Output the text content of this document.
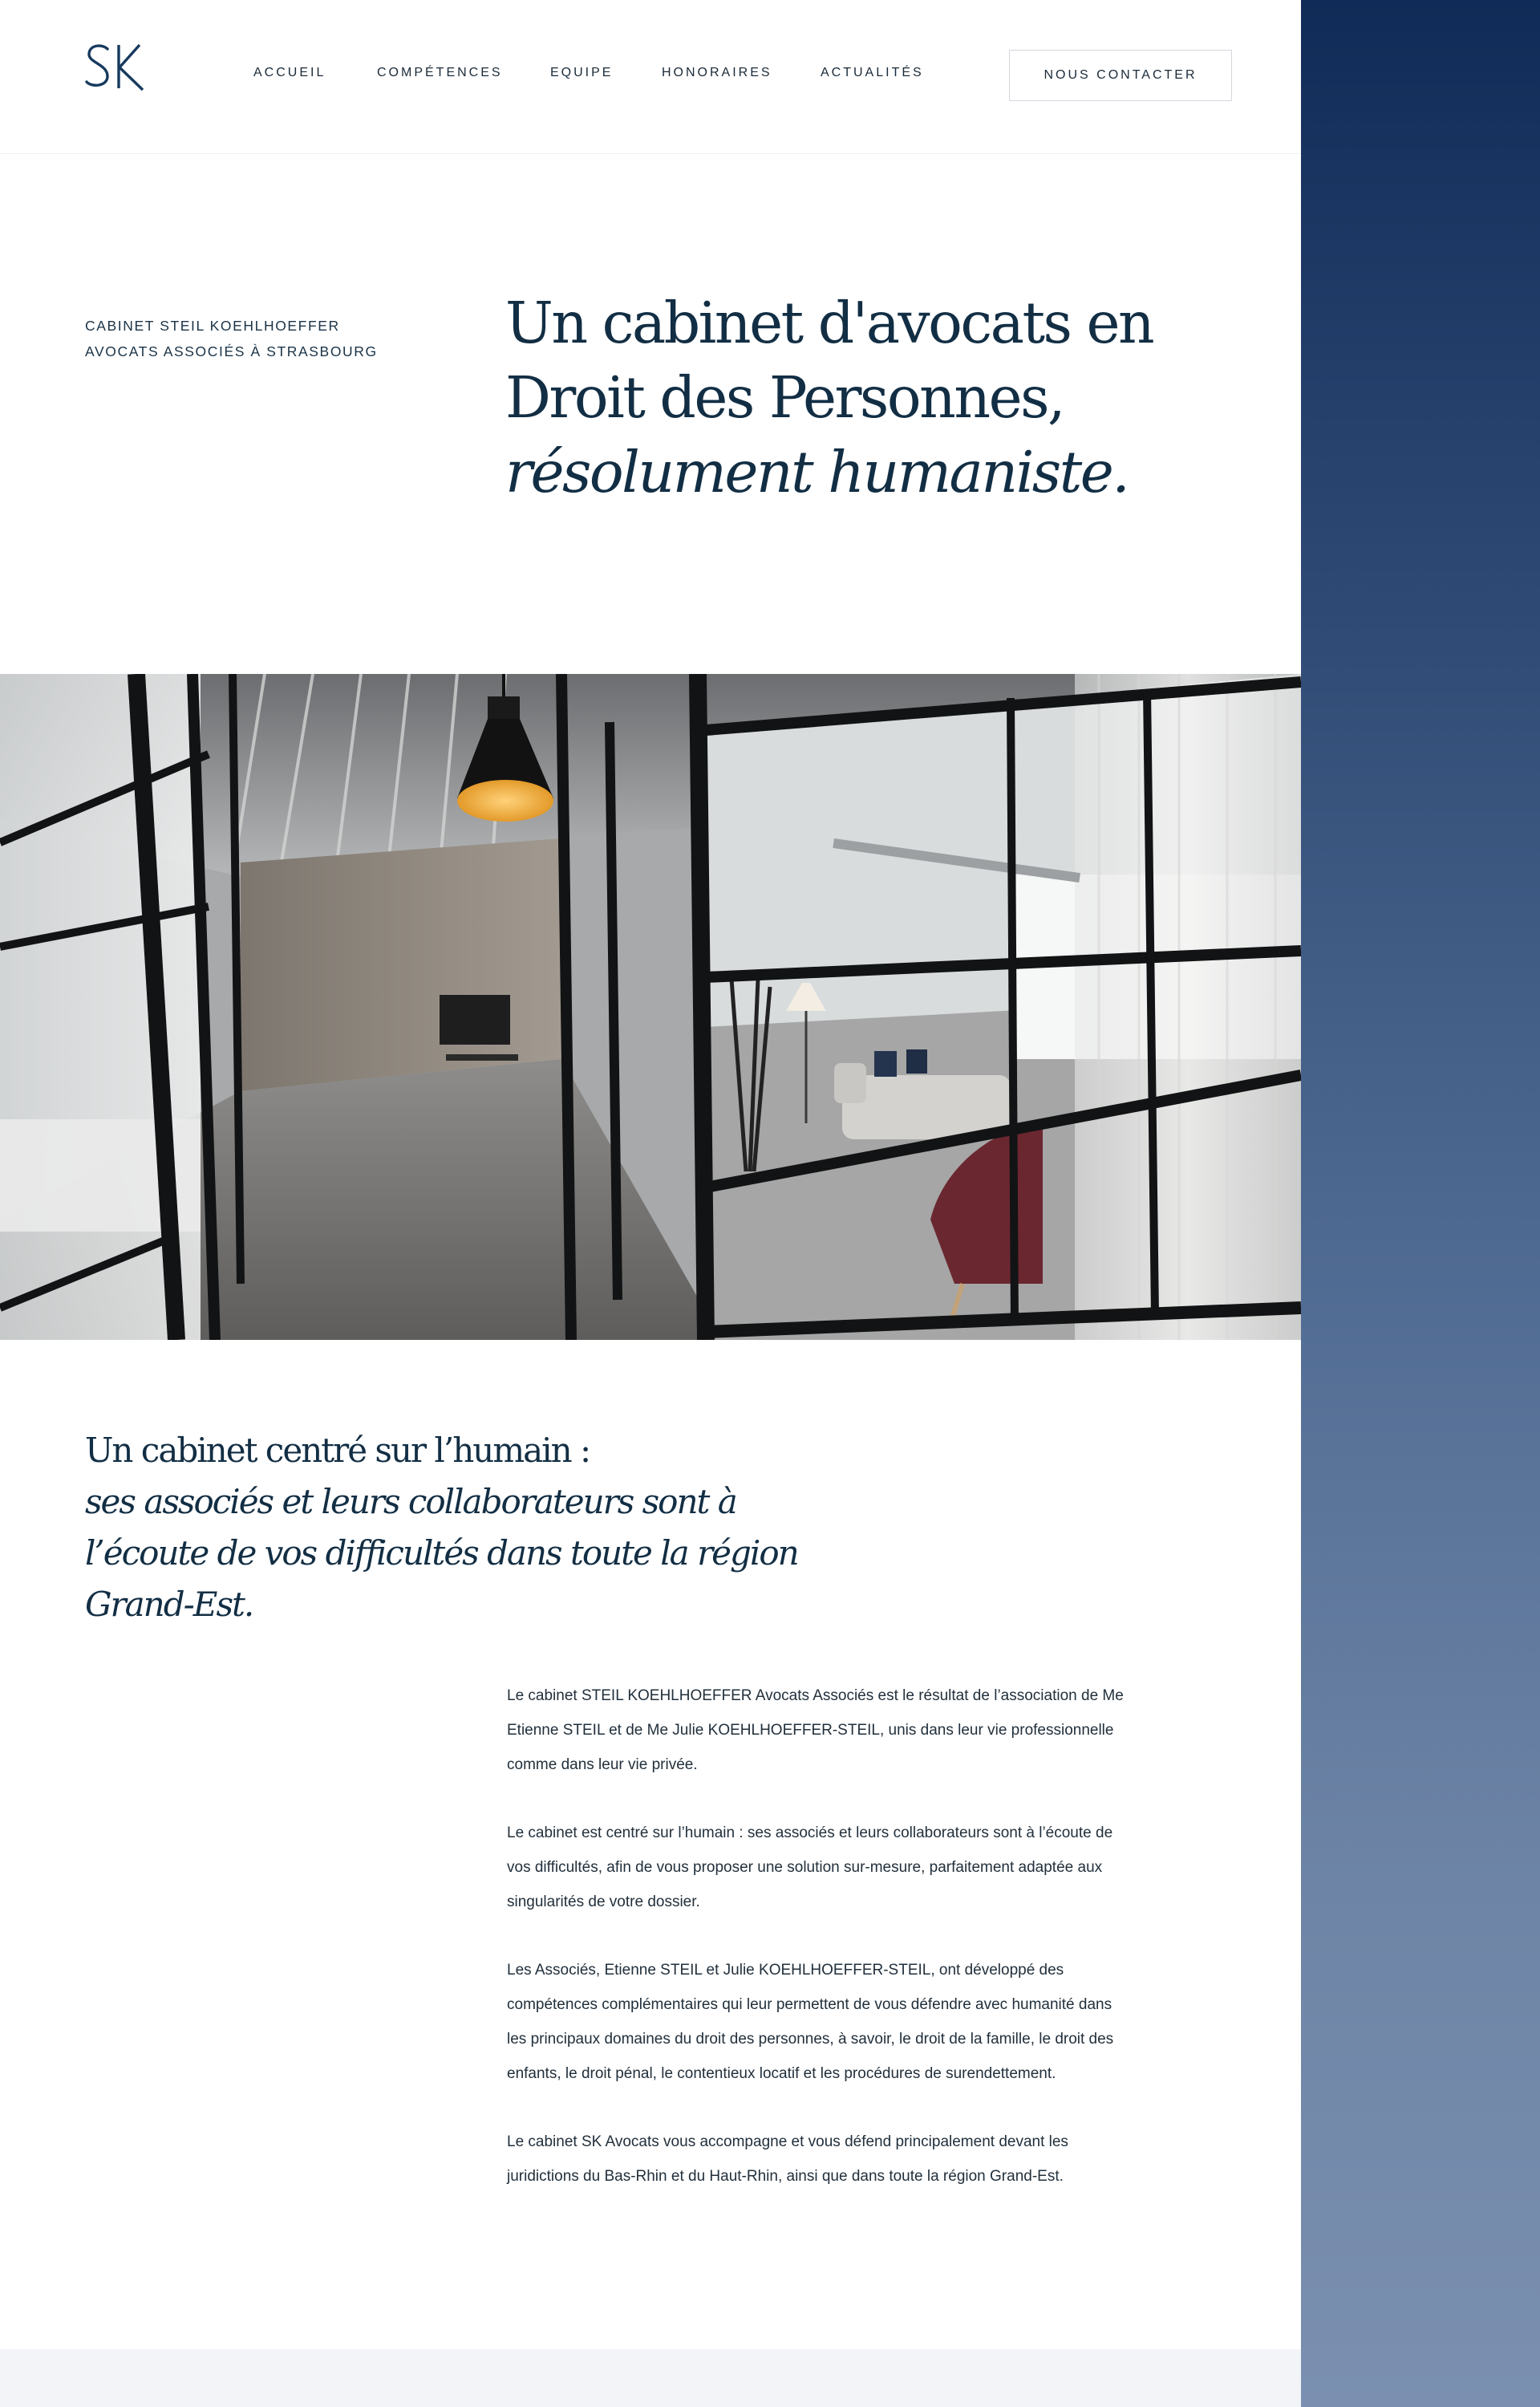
ACCUEIL	COMPÉTENCES	EQUIPE	HONORAIRES	ACTUALITÉS	NOUS CONTACTER
CABINET STEIL KOEHLHOEFFER
AVOCATS ASSOCIÉS À STRASBOURG	Un cabinet d'avocats en
Droit des Personnes,
résolument humaniste.
Un cabinet centré sur l’humain :
ses associés et leurs collaborateurs sont à
l’écoute de vos difficultés dans toute la région
Grand-Est.

Le cabinet STEIL KOEHLHOEFFER Avocats Associés est le résultat de l’association de Me
Etienne STEIL et de Me Julie KOEHLHOEFFER-STEIL, unis dans leur vie professionnelle
comme dans leur vie privée.

Le cabinet est centré sur l’humain : ses associés et leurs collaborateurs sont à l’écoute de
vos difficultés, afin de vous proposer une solution sur-mesure, parfaitement adaptée aux
singularités de votre dossier.

Les Associés, Etienne STEIL et Julie KOEHLHOEFFER-STEIL, ont développé des
compétences complémentaires qui leur permettent de vous défendre avec humanité dans
les principaux domaines du droit des personnes, à savoir, le droit de la famille, le droit des
enfants, le droit pénal, le contentieux locatif et les procédures de surendettement.

Le cabinet SK Avocats vous accompagne et vous défend principalement devant les
juridictions du Bas-Rhin et du Haut-Rhin, ainsi que dans toute la région Grand-Est.
